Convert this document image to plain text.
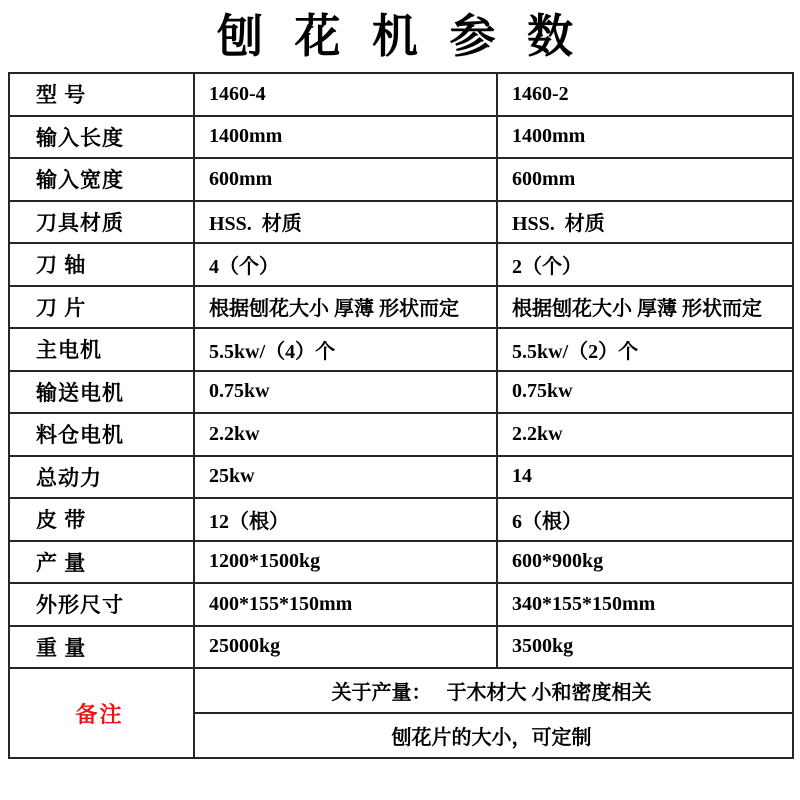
刨 花 机 参 数
型 号	1460-4	1460-2
输入长度	1400mm	1400mm
输入宽度	600mm	600mm
刀具材质	HSS.  材质	HSS.  材质
刀 轴	4（个）	2（个）
刀 片	根据刨花大小 厚薄 形状而定	根据刨花大小 厚薄 形状而定
主电机	5.5kw/（4）个	5.5kw/（2）个
输送电机	0.75kw	0.75kw
料仓电机	2.2kw	2.2kw
总动力	25kw	14
皮 带	12（根）	6（根）
产 量	1200*1500kg	600*900kg
外形尺寸	400*155*150mm	340*155*150mm
重 量	25000kg	3500kg
备注	关于产量：   于木材大 小和密度相关	
	刨花片的大小，可定制	
